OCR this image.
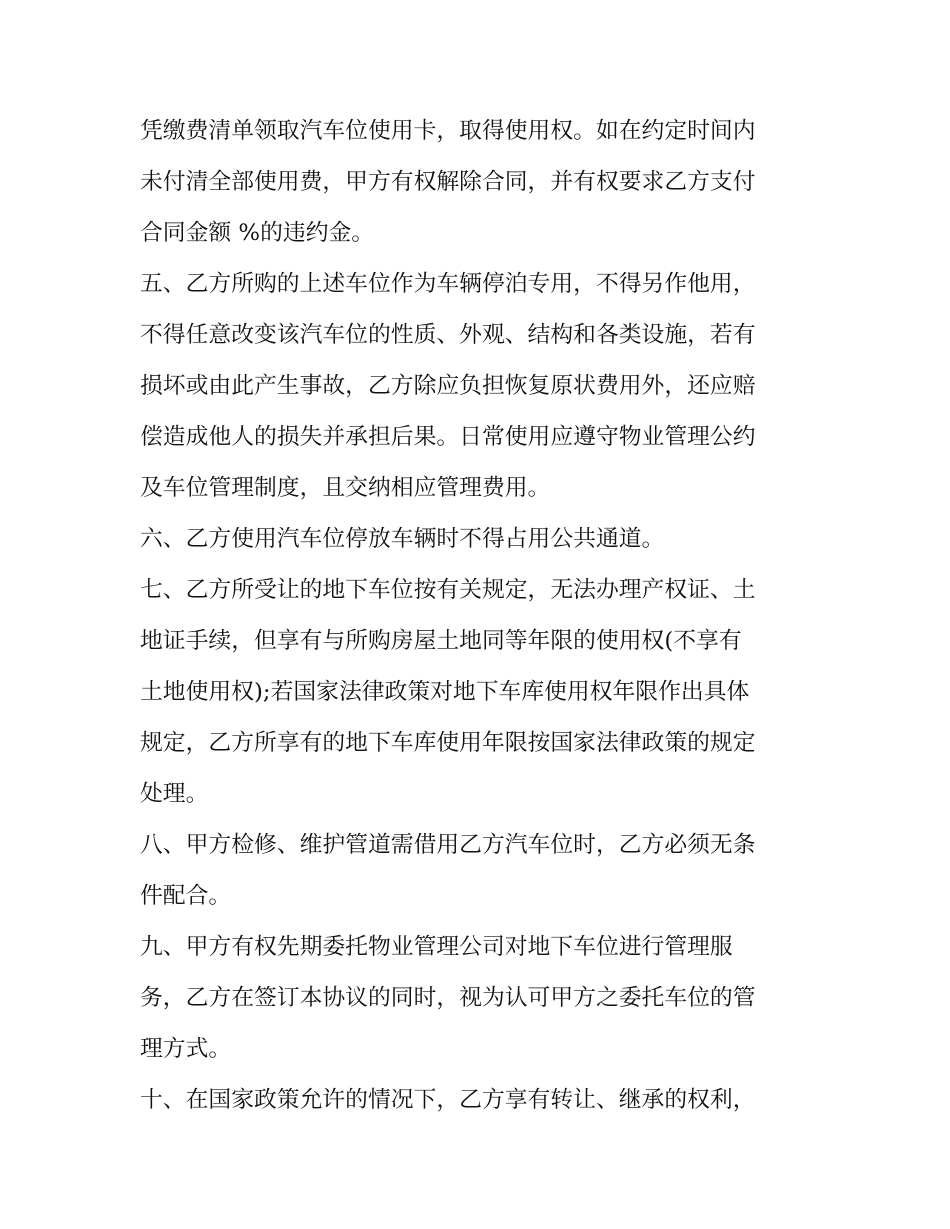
凭缴费清单领取汽车位使用卡，取得使用权。如在约定时间内

未付清全部使用费，甲方有权解除合同，并有权要求乙方支付

合同金额 %的违约金。

五、乙方所购的上述车位作为车辆停泊专用，不得另作他用，

不得任意改变该汽车位的性质、外观、结构和各类设施，若有

损坏或由此产生事故，乙方除应负担恢复原状费用外，还应赔

偿造成他人的损失并承担后果。日常使用应遵守物业管理公约

及车位管理制度，且交纳相应管理费用。

六、乙方使用汽车位停放车辆时不得占用公共通道。

七、乙方所受让的地下车位按有关规定，无法办理产权证、土

地证手续，但享有与所购房屋土地同等年限的使用权(不享有

土地使用权);若国家法律政策对地下车库使用权年限作出具体

规定，乙方所享有的地下车库使用年限按国家法律政策的规定

处理。

八、甲方检修、维护管道需借用乙方汽车位时，乙方必须无条

件配合。

九、甲方有权先期委托物业管理公司对地下车位进行管理服

务，乙方在签订本协议的同时，视为认可甲方之委托车位的管

理方式。

十、在国家政策允许的情况下，乙方享有转让、继承的权利，
